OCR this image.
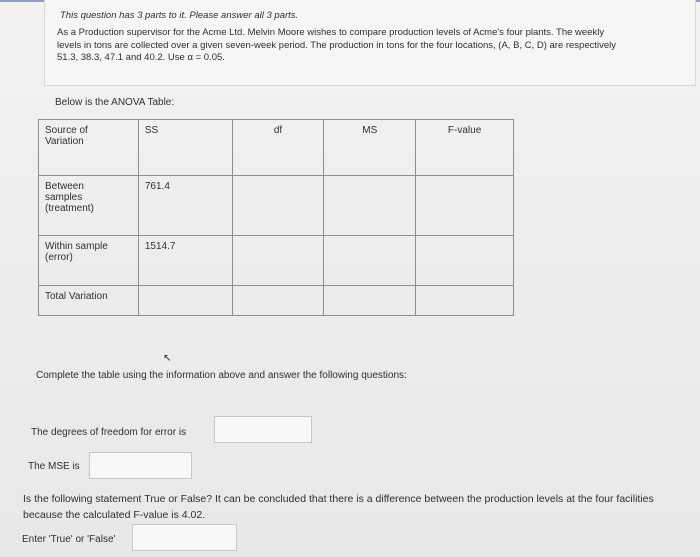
This question has 3 parts to it. Please answer all 3 parts.
As a Production supervisor for the Acme Ltd. Melvin Moore wishes to compare production levels of Acme's four plants. The weekly
levels in tons are collected over a given seven-week period. The production in tons for the four locations, (A, B, C, D) are respectively
51.3, 38.3, 47.1 and 40.2. Use α = 0.05.
Below is the ANOVA Table:
Source of
Variation	SS	df	MS	F-value
Between
samples
(treatment)	761.4			
Within sample
(error)	1514.7			
Total Variation				
↖
Complete the table using the information above and answer the following questions:
The degrees of freedom for error is
The MSE is
Is the following statement True or False? It can be concluded that there is a difference between the production levels at the four facilities because the calculated F-value is 4.02.
Enter 'True' or 'False'
